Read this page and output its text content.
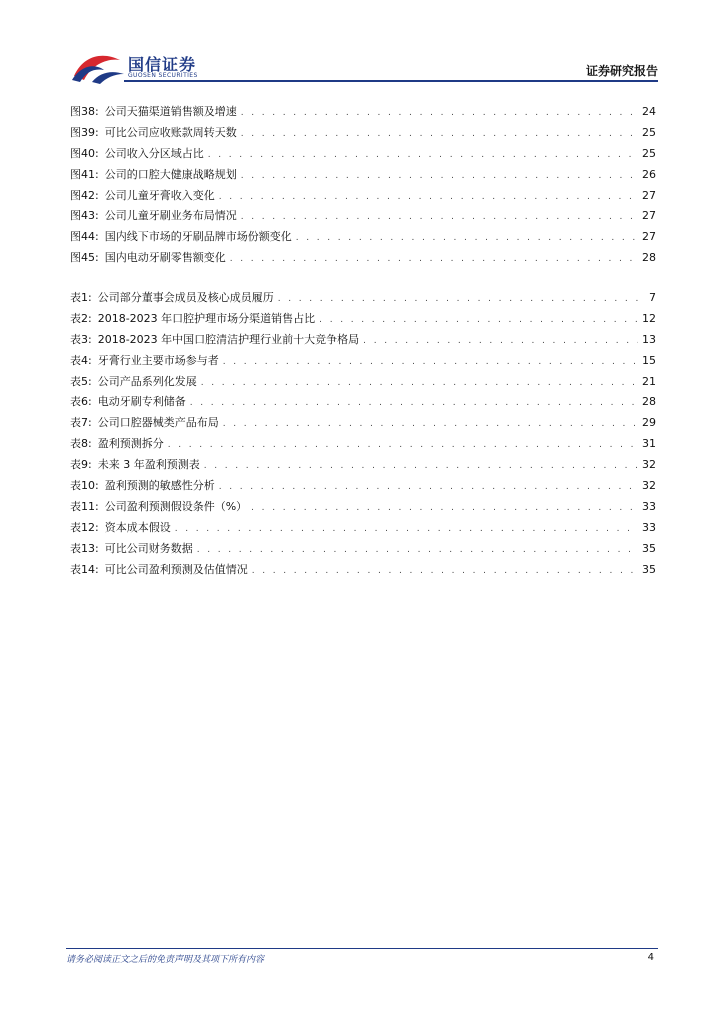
国信证券
GUOSEN SECURITIES	证券研究报告
图38: 公司天猫渠道销售额及增速 . . .	24
图39: 可比公司应收账款周转天数 . . .	25
图40: 公司收入分区域占比 . . .	25
图41: 公司的口腔大健康战略规划 . . .	26
图42: 公司儿童牙膏收入变化 . . .	27
图43: 公司儿童牙刷业务布局情况 . . .	27
图44: 国内线下市场的牙刷品牌市场份额变化 . . .	27
图45: 国内电动牙刷零售额变化 . . .	28
表1: 公司部分董事会成员及核心成员履历 . . .	7
表2: 2018-2023 年口腔护理市场分渠道销售占比 . . .	12
表3: 2018-2023 年中国口腔清洁护理行业前十大竞争格局 . . .	13
表4: 牙膏行业主要市场参与者 . . .	15
表5: 公司产品系列化发展 . . .	21
表6: 电动牙刷专利储备 . . .	28
表7: 公司口腔器械类产品布局 . . .	29
表8: 盈利预测拆分 . . .	31
表9: 未来 3 年盈利预测表 . . .	32
表10: 盈利预测的敏感性分析 . . .	32
表11: 公司盈利预测假设条件（%） . . .	33
表12: 资本成本假设 . . .	33
表13: 可比公司财务数据 . . .	35
表14: 可比公司盈利预测及估值情况 . . .	35
请务必阅读正文之后的免责声明及其项下所有内容	4
